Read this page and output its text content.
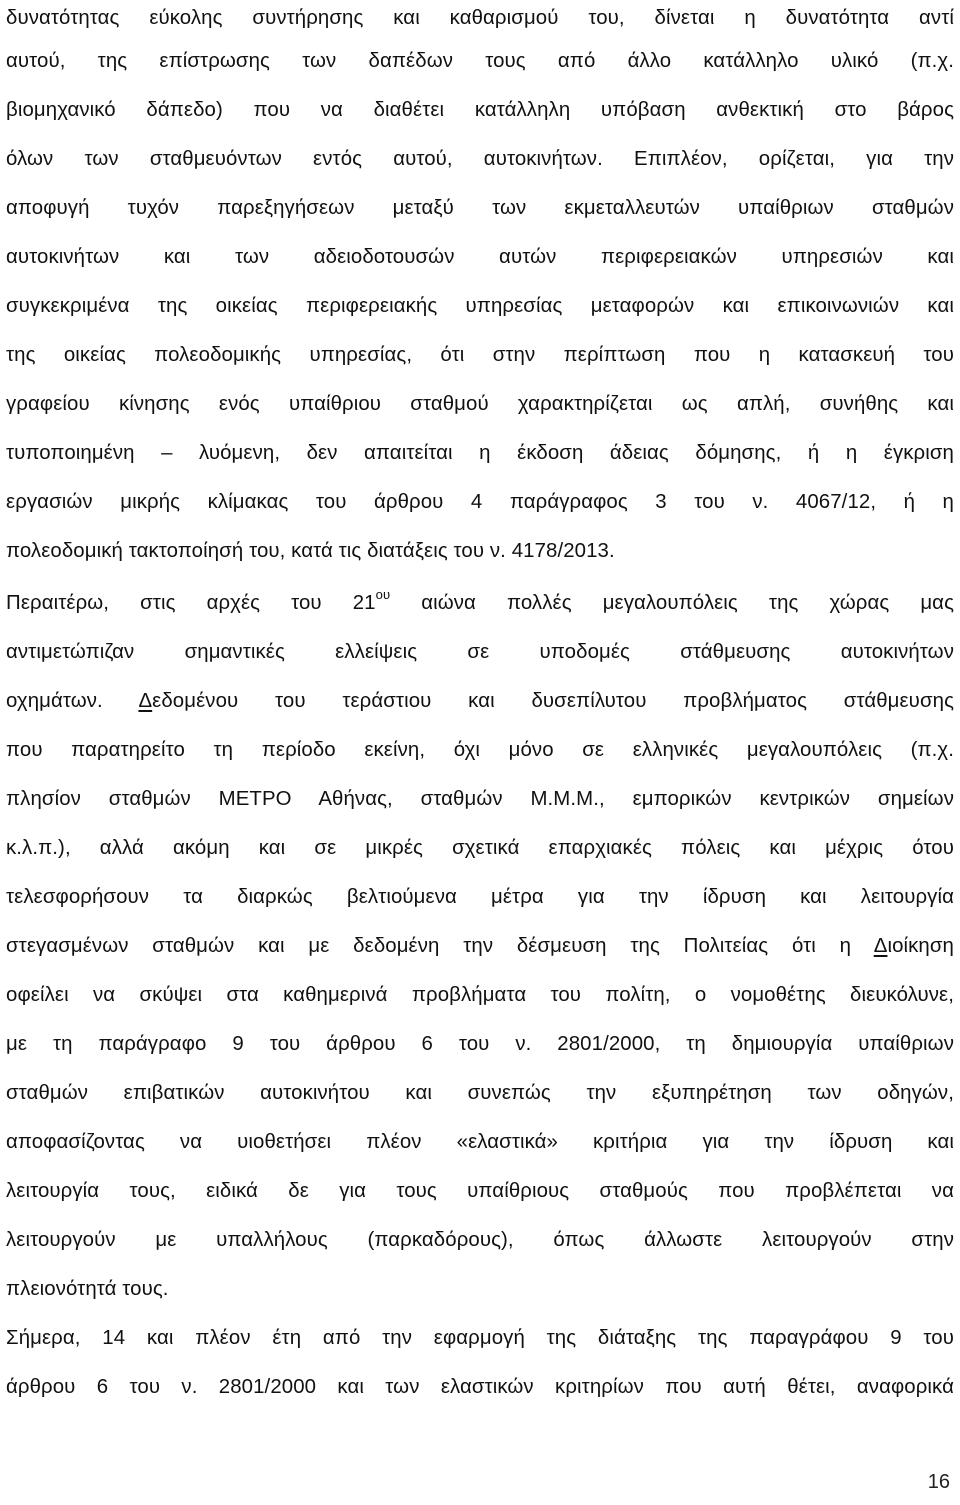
δυνατότητας εύκολης συντήρησης και καθαρισμού του, δίνεται η δυνατότητα αντί
αυτού, της επίστρωσης των δαπέδων τους από άλλο κατάλληλο υλικό (π.χ.
βιομηχανικό δάπεδο) που να διαθέτει κατάλληλη υπόβαση ανθεκτική στο βάρος
όλων των σταθμευόντων εντός αυτού, αυτοκινήτων. Επιπλέον, ορίζεται, για την
αποφυγή τυχόν παρεξηγήσεων μεταξύ των εκμεταλλευτών υπαίθριων σταθμών
αυτοκινήτων και των αδειοδοτουσών αυτών περιφερειακών υπηρεσιών και
συγκεκριμένα της οικείας περιφερειακής υπηρεσίας μεταφορών και επικοινωνιών και
της οικείας πολεοδομικής υπηρεσίας, ότι στην περίπτωση που η κατασκευή του
γραφείου κίνησης ενός υπαίθριου σταθμού χαρακτηρίζεται ως απλή, συνήθης και
τυποποιημένη – λυόμενη, δεν απαιτείται η έκδοση άδειας δόμησης, ή η έγκριση
εργασιών μικρής κλίμακας του άρθρου 4 παράγραφος 3 του ν. 4067/12, ή η
πολεοδομική τακτοποίησή του, κατά τις διατάξεις του ν. 4178/2013.
Περαιτέρω, στις αρχές του $21^{o\upsilon}$ αιώνα πολλές μεγαλουπόλεις της χώρας μας
αντιμετώπιζαν σημαντικές ελλείψεις σε υποδομές στάθμευσης αυτοκινήτων
οχημάτων. Δεδομένου του τεράστιου και δυσεπίλυτου προβλήματος στάθμευσης
που παρατηρείτο τη περίοδο εκείνη, όχι μόνο σε ελληνικές μεγαλουπόλεις (π.χ.
πλησίον σταθμών ΜΕΤΡΟ Αθήνας, σταθμών Μ.Μ.Μ., εμπορικών κεντρικών σημείων
κ.λ.π.), αλλά ακόμη και σε μικρές σχετικά επαρχιακές πόλεις και μέχρις ότου
τελεσφορήσουν τα διαρκώς βελτιούμενα μέτρα για την ίδρυση και λειτουργία
στεγασμένων σταθμών και με δεδομένη την δέσμευση της Πολιτείας ότι η Διοίκηση
οφείλει να σκύψει στα καθημερινά προβλήματα του πολίτη, ο νομοθέτης διευκόλυνε,
με τη παράγραφο 9 του άρθρου 6 του ν. 2801/2000, τη δημιουργία υπαίθριων
σταθμών επιβατικών αυτοκινήτου και συνεπώς την εξυπηρέτηση των οδηγών,
αποφασίζοντας να υιοθετήσει πλέον «ελαστικά» κριτήρια για την ίδρυση και
λειτουργία τους, ειδικά δε για τους υπαίθριους σταθμούς που προβλέπεται να
λειτουργούν με υπαλλήλους (παρκαδόρους), όπως άλλωστε λειτουργούν στην
πλειονότητά τους.
Σήμερα, 14 και πλέον έτη από την εφαρμογή της διάταξης της παραγράφου 9 του
άρθρου 6 του ν. 2801/2000 και των ελαστικών κριτηρίων που αυτή θέτει, αναφορικά
16
